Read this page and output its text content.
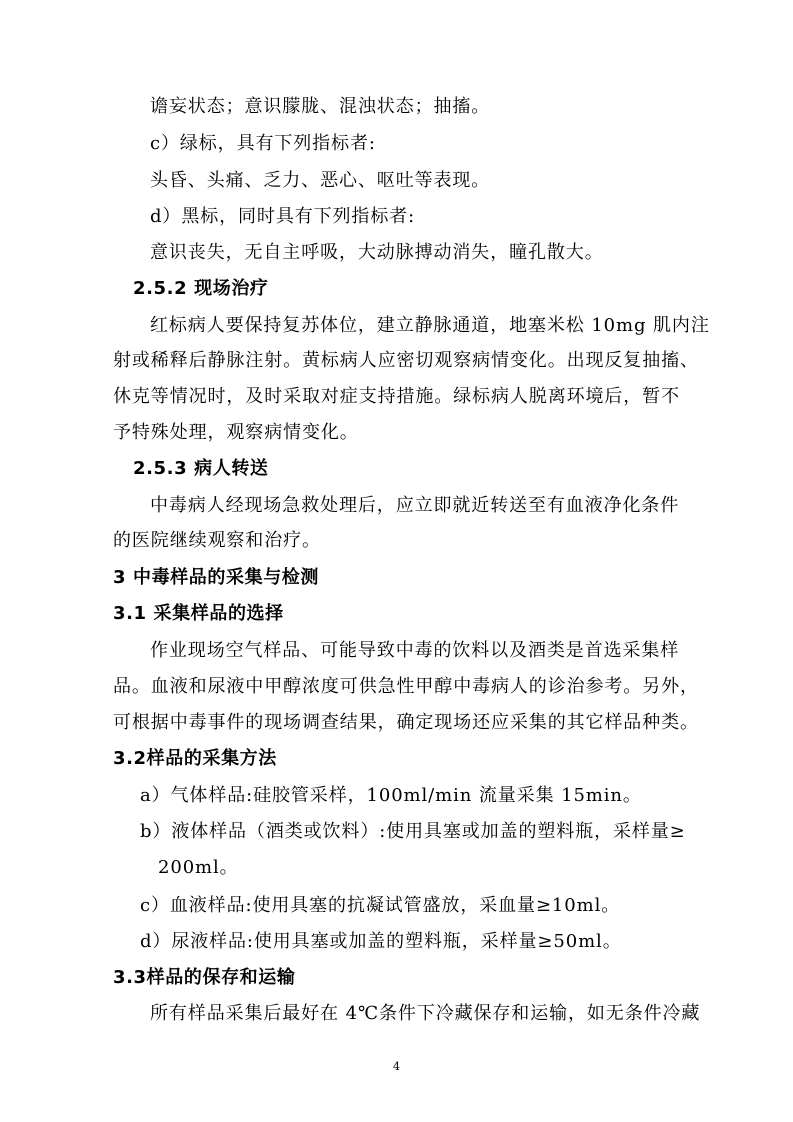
谵妄状态；意识朦胧、混浊状态；抽搐。
c）绿标，具有下列指标者:
头昏、头痛、乏力、恶心、呕吐等表现。
d）黑标，同时具有下列指标者:
意识丧失，无自主呼吸，大动脉搏动消失，瞳孔散大。
2.5.2 现场治疗
红标病人要保持复苏体位，建立静脉通道，地塞米松 10mg 肌内注
射或稀释后静脉注射。黄标病人应密切观察病情变化。出现反复抽搐、
休克等情况时，及时采取对症支持措施。绿标病人脱离环境后，暂不
予特殊处理，观察病情变化。
2.5.3 病人转送
中毒病人经现场急救处理后，应立即就近转送至有血液净化条件
的医院继续观察和治疗。
3 中毒样品的采集与检测
3.1 采集样品的选择
作业现场空气样品、可能导致中毒的饮料以及酒类是首选采集样
品。血液和尿液中甲醇浓度可供急性甲醇中毒病人的诊治参考。另外，
可根据中毒事件的现场调查结果，确定现场还应采集的其它样品种类。
3.2样品的采集方法
a）气体样品:硅胶管采样，100ml/min 流量采集 15min。
b）液体样品（酒类或饮料）:使用具塞或加盖的塑料瓶，采样量≥
200ml。
c）血液样品:使用具塞的抗凝试管盛放，采血量≥10ml。
d）尿液样品:使用具塞或加盖的塑料瓶，采样量≥50ml。
3.3样品的保存和运输
所有样品采集后最好在 4℃条件下冷藏保存和运输，如无条件冷藏
4
